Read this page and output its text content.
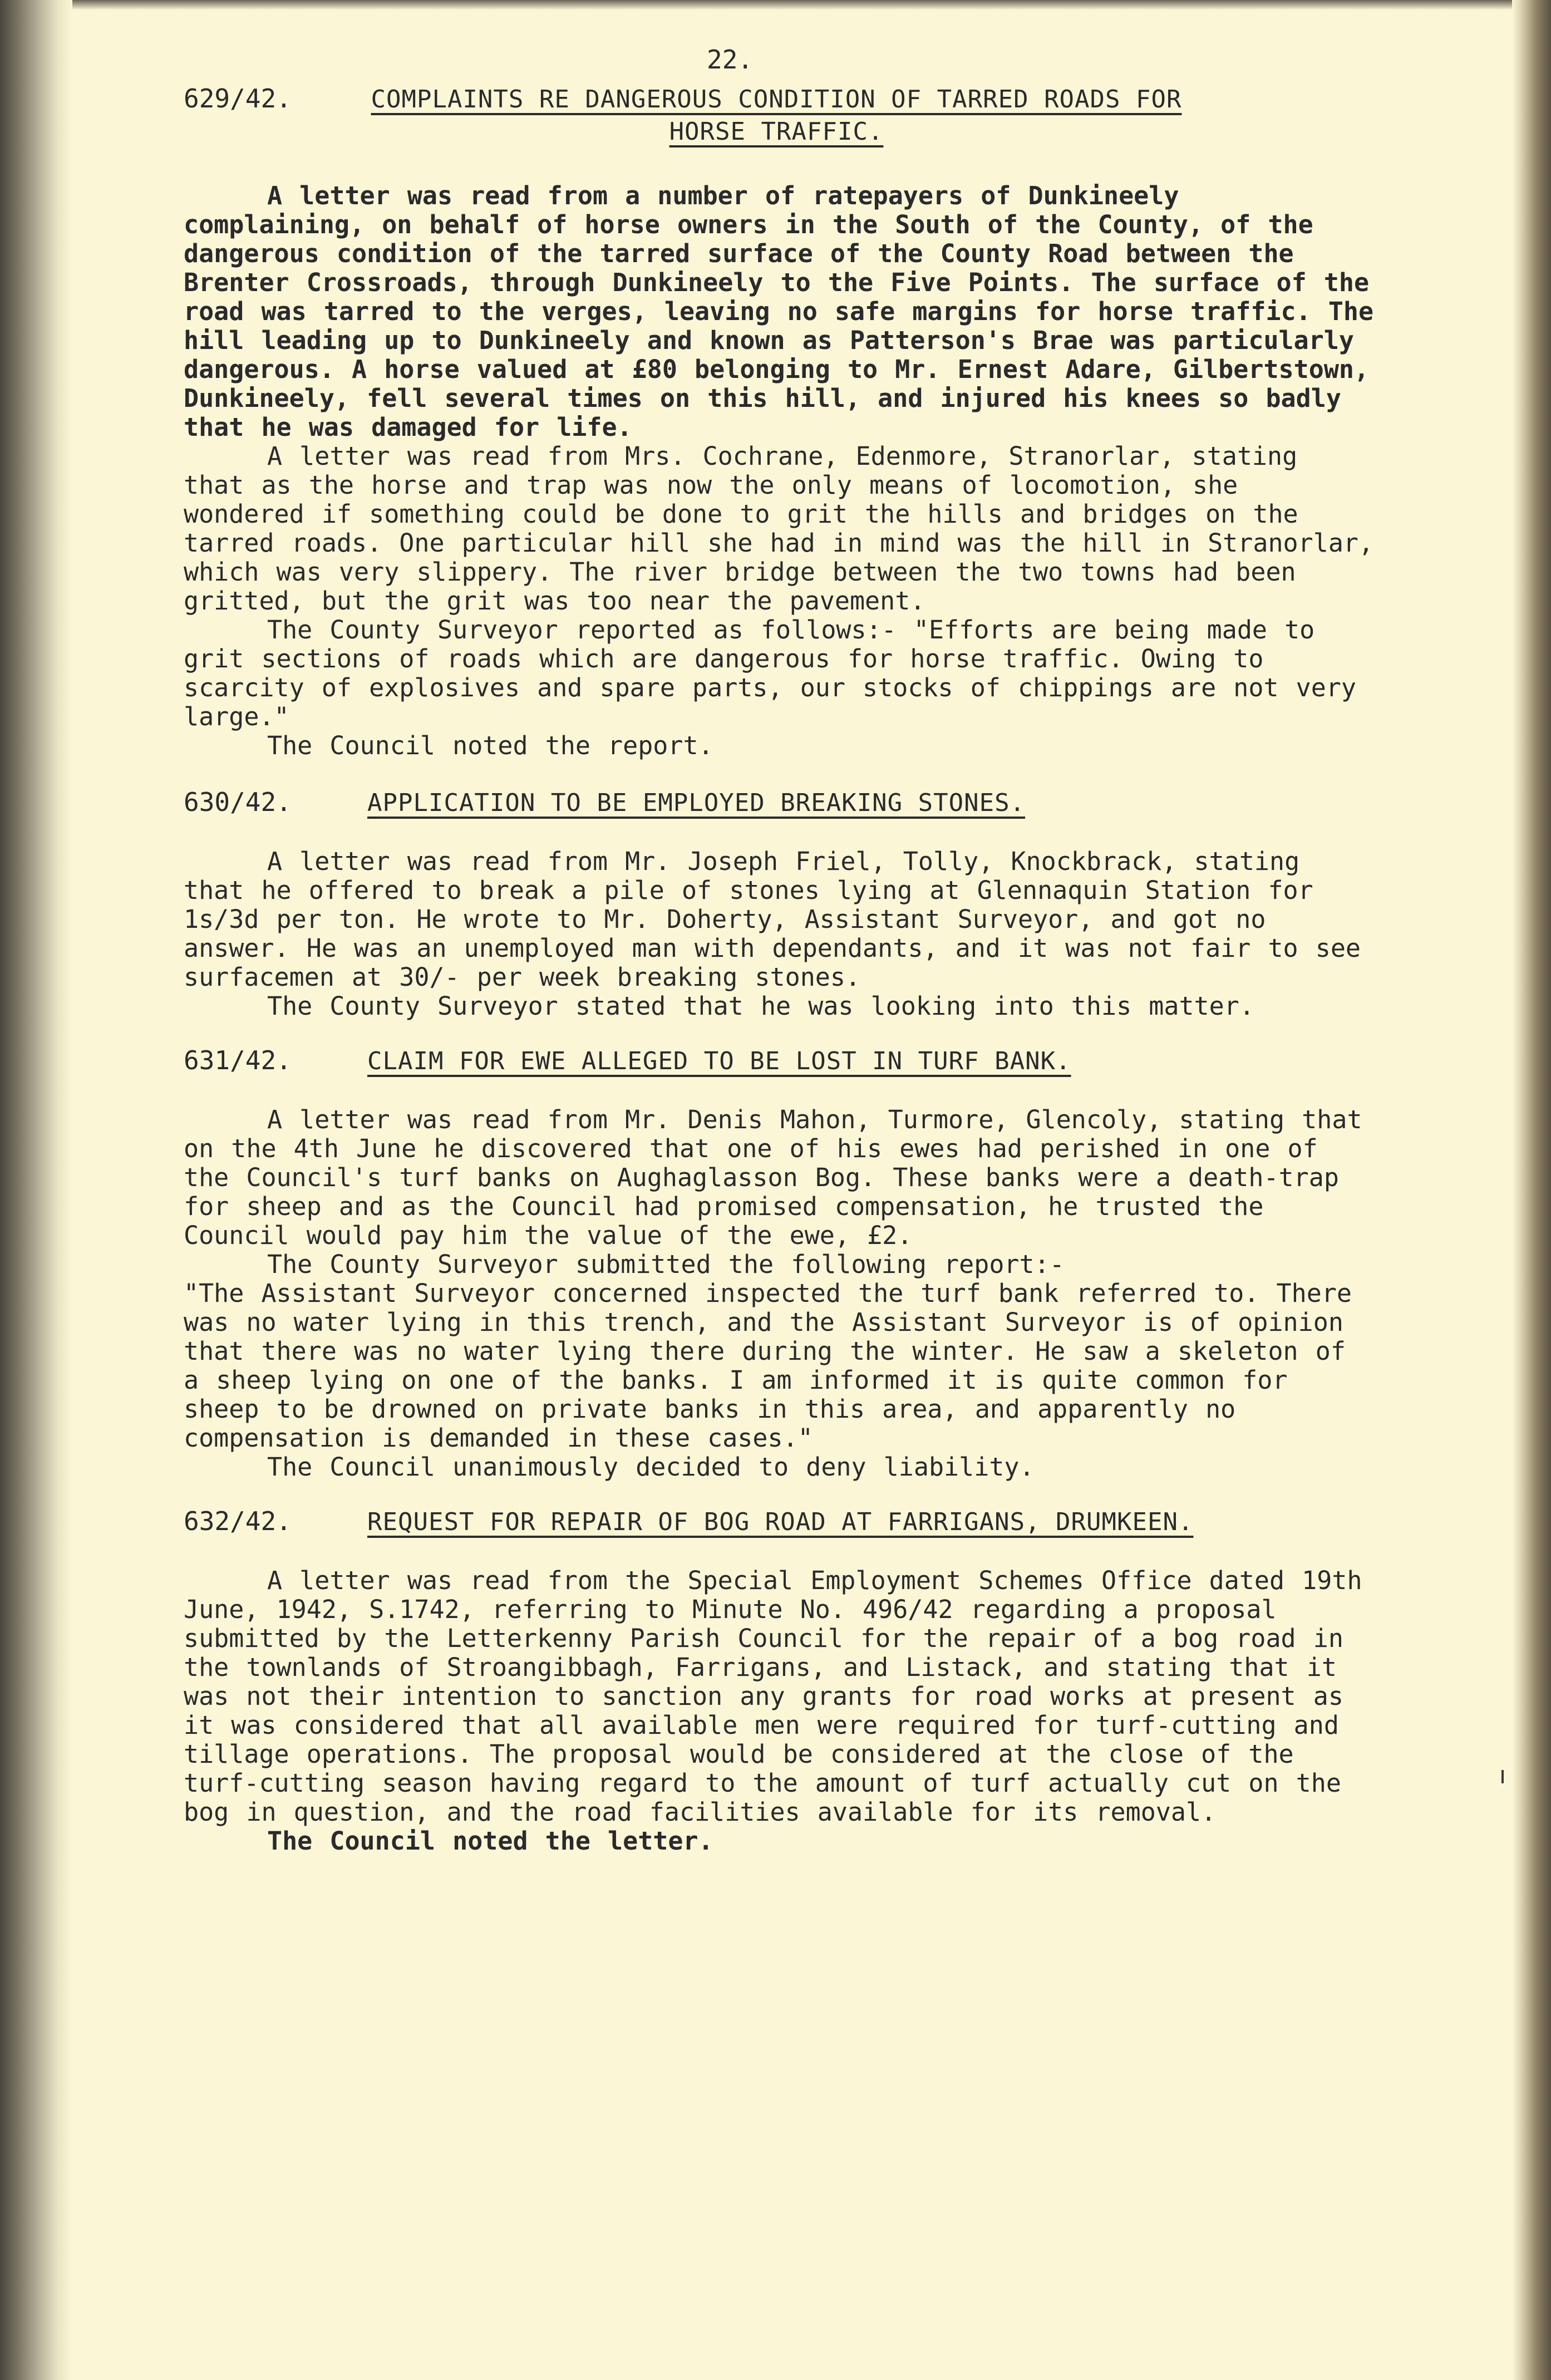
22.
629/42.	COMPLAINTS RE DANGEROUS CONDITION OF TARRED ROADS FOR HORSE TRAFFIC.

A letter was read from a number of ratepayers of Dunkineely complaining, on behalf of horse owners in the South of the County, of the dangerous condition of the tarred surface of the County Road between the Brenter Crossroads, through Dunkineely to the Five Points. The surface of the road was tarred to the verges, leaving no safe margins for horse traffic. The hill leading up to Dunkineely and known as Patterson's Brae was particularly dangerous. A horse valued at £80 belonging to Mr. Ernest Adare, Gilbertstown, Dunkineely, fell several times on this hill, and injured his knees so badly that he was damaged for life.

A letter was read from Mrs. Cochrane, Edenmore, Stranorlar, stating that as the horse and trap was now the only means of locomotion, she wondered if something could be done to grit the hills and bridges on the tarred roads. One particular hill she had in mind was the hill in Stranorlar, which was very slippery. The river bridge between the two towns had been gritted, but the grit was too near the pavement.

The County Surveyor reported as follows:- "Efforts are being made to grit sections of roads which are dangerous for horse traffic. Owing to scarcity of explosives and spare parts, our stocks of chippings are not very large."

The Council noted the report.

630/42.	APPLICATION TO BE EMPLOYED BREAKING STONES.

A letter was read from Mr. Joseph Friel, Tolly, Knockbrack, stating that he offered to break a pile of stones lying at Glennaquin Station for 1s/3d per ton. He wrote to Mr. Doherty, Assistant Surveyor, and got no answer. He was an unemployed man with dependants, and it was not fair to see surfacemen at 30/- per week breaking stones.

The County Surveyor stated that he was looking into this matter.

631/42.	CLAIM FOR EWE ALLEGED TO BE LOST IN TURF BANK.

A letter was read from Mr. Denis Mahon, Turmore, Glencoly, stating that on the 4th June he discovered that one of his ewes had perished in one of the Council's turf banks on Aughaglasson Bog. These banks were a death-trap for sheep and as the Council had promised compensation, he trusted the Council would pay him the value of the ewe, £2.

The County Surveyor submitted the following report:-

"The Assistant Surveyor concerned inspected the turf bank referred to. There was no water lying in this trench, and the Assistant Surveyor is of opinion that there was no water lying there during the winter. He saw a skeleton of a sheep lying on one of the banks. I am informed it is quite common for sheep to be drowned on private banks in this area, and apparently no compensation is demanded in these cases."

The Council unanimously decided to deny liability.

632/42.	REQUEST FOR REPAIR OF BOG ROAD AT FARRIGANS, DRUMKEEN.

A letter was read from the Special Employment Schemes Office dated 19th June, 1942, S.1742, referring to Minute No. 496/42 regarding a proposal submitted by the Letterkenny Parish Council for the repair of a bog road in the townlands of Stroangibbagh, Farrigans, and Listack, and stating that it was not their intention to sanction any grants for road works at present as it was considered that all available men were required for turf-cutting and tillage operations. The proposal would be considered at the close of the turf-cutting season having regard to the amount of turf actually cut on the bog in question, and the road facilities available for its removal.

The Council noted the letter.
